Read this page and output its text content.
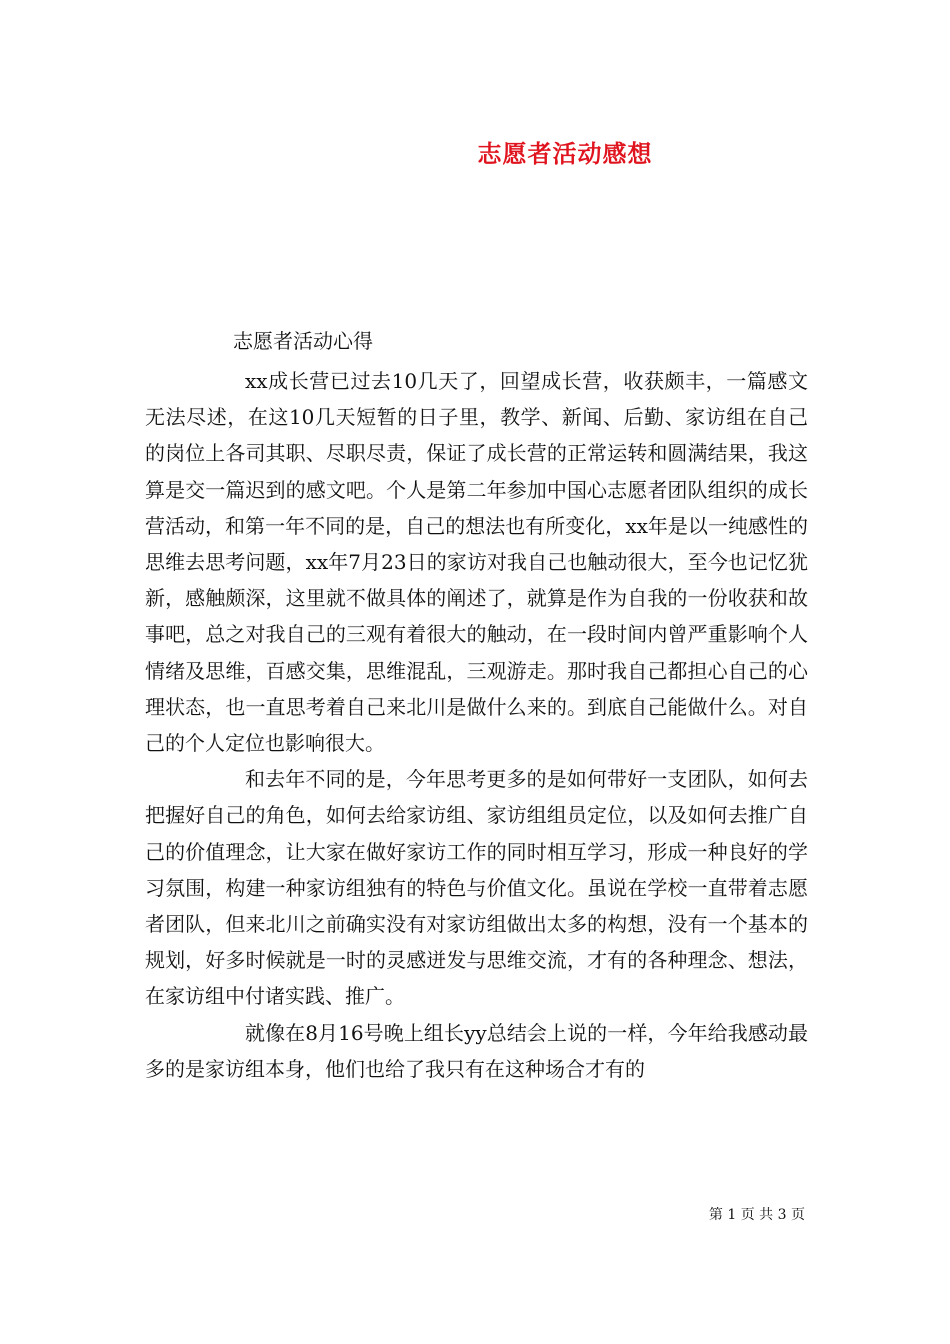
志愿者活动感想
志愿者活动心得

xx成长营已过去10几天了，回望成长营，收获颇丰，一篇感文无法尽述，在这10几天短暂的日子里，教学、新闻、后勤、家访组在自己的岗位上各司其职、尽职尽责，保证了成长营的正常运转和圆满结果，我这算是交一篇迟到的感文吧。个人是第二年参加中国心志愿者团队组织的成长营活动，和第一年不同的是，自己的想法也有所变化，xx年是以一纯感性的思维去思考问题，xx年7月23日的家访对我自己也触动很大，至今也记忆犹新，感触颇深，这里就不做具体的阐述了，就算是作为自我的一份收获和故事吧，总之对我自己的三观有着很大的触动，在一段时间内曾严重影响个人情绪及思维，百感交集，思维混乱，三观游走。那时我自己都担心自己的心理状态，也一直思考着自己来北川是做什么来的。到底自己能做什么。对自己的个人定位也影响很大。

和去年不同的是，今年思考更多的是如何带好一支团队，如何去把握好自己的角色，如何去给家访组、家访组组员定位，以及如何去推广自己的价值理念，让大家在做好家访工作的同时相互学习，形成一种良好的学习氛围，构建一种家访组独有的特色与价值文化。虽说在学校一直带着志愿者团队，但来北川之前确实没有对家访组做出太多的构想，没有一个基本的规划，好多时候就是一时的灵感迸发与思维交流，才有的各种理念、想法，在家访组中付诸实践、推广。

就像在8月16号晚上组长yy总结会上说的一样，今年给我感动最多的是家访组本身，他们也给了我只有在这种场合才有的

第 1 页 共 3 页
